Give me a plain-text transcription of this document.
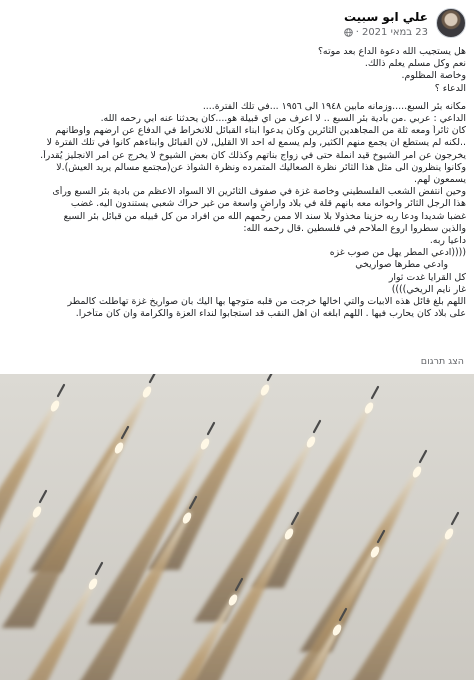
علي ابو سبيت
23 במאי 2021
·

هل يستجيب الله دعوة الداع بعد موته؟

نعم وكل مسلم يعلم ذالك.

وخاصة المظلوم.

الدعاء ؟

مكانه بئر السبع.....وزمانه مابين ١٩٤٨ الى ١٩٥٦ ...في تلك الفترة....

الداعي : عربي .من بادية بئر السبع .. لا اعرف من اي قبيلة هو....كان يحدثنا عنه ابي رحمه الله.

كان ثائراً ومعه ثلة من المجاهدين الثائرين وكان يدعوا ابناء القبائل للانخراط في الدفاع عن ارضهم واوطانهم

..لكنه لم يستطع ان يجمع منهم الكثير, ولم يسمع له احد الا القليل, لان القبائل وابناءهم كانوا في تلك الفترة لا

يخرجون عن امر الشيوخ قيد انملة حتى في زواج بناتهم وكذلك كان بعض الشيوخ لا يخرج عن امر الانجليز يُقدرأ.

وكانوا ينظرون الى مثل هذا الثائر نظرة الصعاليك المتمرده ونظرة الشواذ عن(مجتمع مسالم يريد العيش).لا

يسمعون لهم.

وحين انتفض الشعب الفلسطيني وخاصة غزة في صفوف الثائرين الا السواد الاعظم من بادية بئر السبع ورأى

هذا الرجل الثائر واخوانه معه بانهم قلة في بلاد واراضٍ واسعة من غير حراك شعبي يستندون اليه. غضب

غضبا شديدا ودعا ربه حزينا مخذولا بلا سند الا ممن رحمهم الله من افراد من كل قبيله من قبائل بئر السبع

والذين سطروا اروع الملاحم في فلسطين .قال رحمه الله:

داعيا ربه.

((((ادعي المطر يهل من صوب غزه

وادعي مطرها صواريخي

كل القرايا غدت ثوار

غار نايم الريخي))))

اللهم بلغ قائل هذه الابيات والتي اخالها خرجت من قلبه متوجها بها اليك بان صواريخ غزة تهاطلت كالمطر

على بلاد كان يحارب فيها . اللهم ابلغه ان اهل النقب قد استجابوا لنداء العزة والكرامة وان كان متأخرا.

הצג תרגום
